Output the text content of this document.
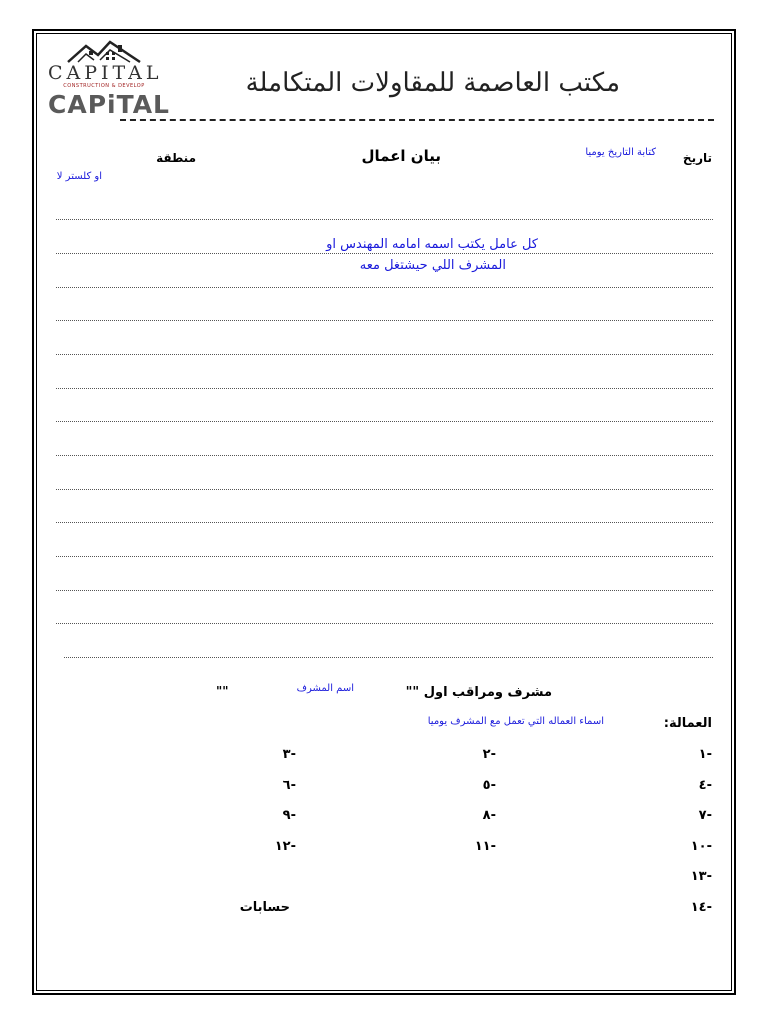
CAPITAL
CONSTRUCTION & DEVELOP
CAPiTAL
مكتب العاصمة للمقاولات المتكاملة
تاريخ
كتابة التاريخ يوميا
بيان اعمال
منطقة
او كلستر لا
كل عامل يكتب اسمه امامه المهندس او
المشرف اللي حيشتغل معه
مشرف ومراقب اول ""
اسم المشرف
""
العمالة:
اسماء العماله التي تعمل مع المشرف يوميا
-١
-٢
-٣
-٤
-٥
-٦
-٧
-٨
-٩
-١٠
-١١
-١٢
-١٣
-١٤
حسابات
